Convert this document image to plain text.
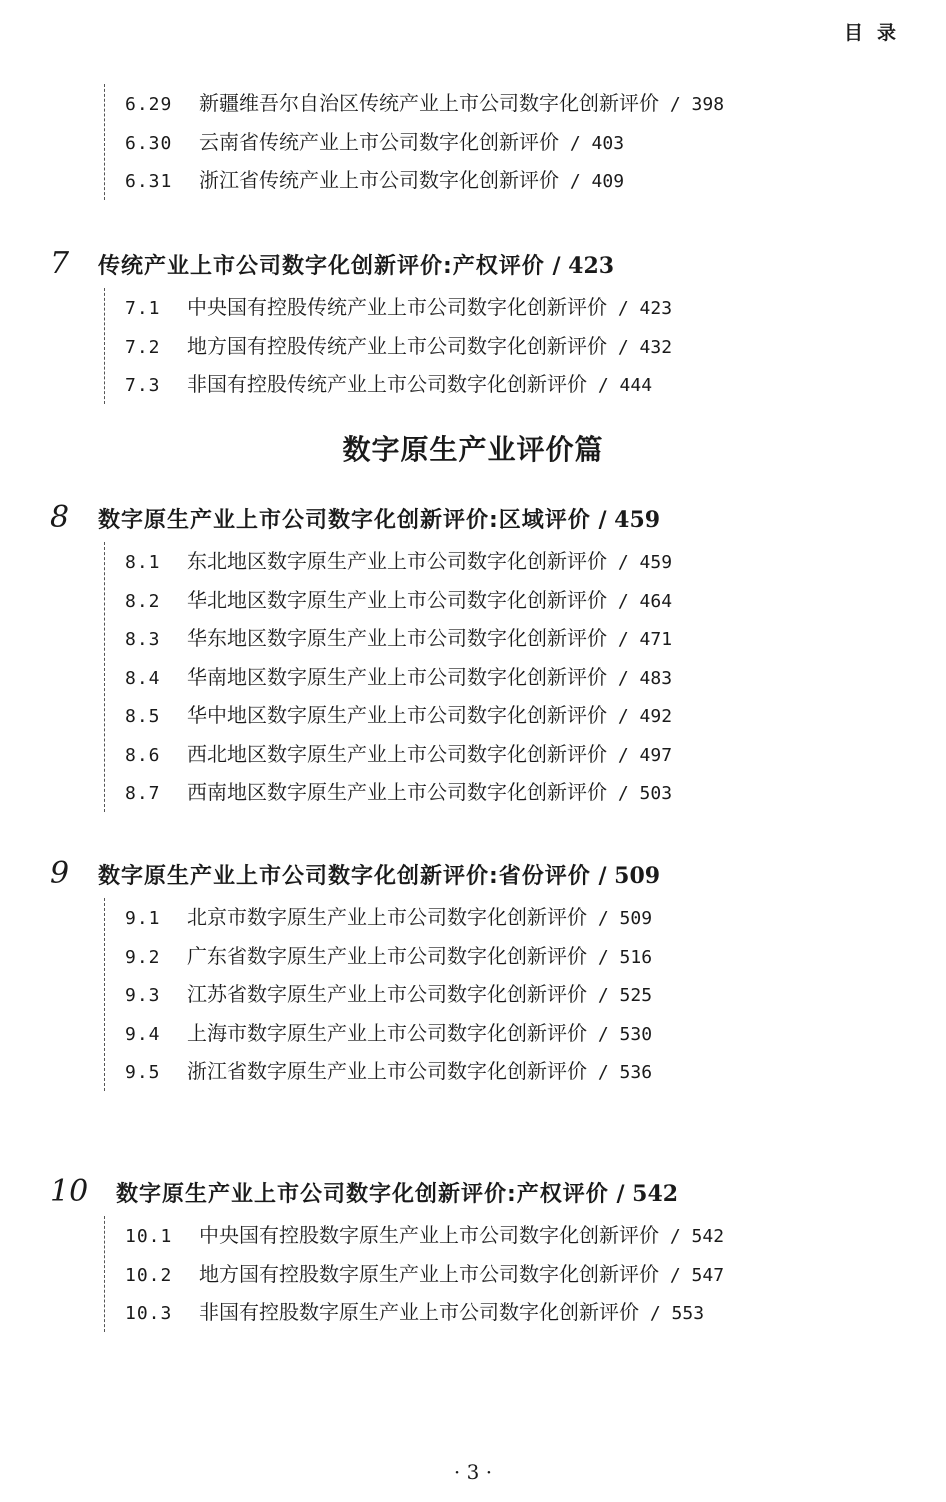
目录
6.29 新疆维吾尔自治区传统产业上市公司数字化创新评价 / 398
6.30 云南省传统产业上市公司数字化创新评价 / 403
6.31 浙江省传统产业上市公司数字化创新评价 / 409
7 传统产业上市公司数字化创新评价:产权评价 / 423
7.1 中央国有控股传统产业上市公司数字化创新评价 / 423
7.2 地方国有控股传统产业上市公司数字化创新评价 / 432
7.3 非国有控股传统产业上市公司数字化创新评价 / 444
数字原生产业评价篇
8 数字原生产业上市公司数字化创新评价:区域评价 / 459
8.1 东北地区数字原生产业上市公司数字化创新评价 / 459
8.2 华北地区数字原生产业上市公司数字化创新评价 / 464
8.3 华东地区数字原生产业上市公司数字化创新评价 / 471
8.4 华南地区数字原生产业上市公司数字化创新评价 / 483
8.5 华中地区数字原生产业上市公司数字化创新评价 / 492
8.6 西北地区数字原生产业上市公司数字化创新评价 / 497
8.7 西南地区数字原生产业上市公司数字化创新评价 / 503
9 数字原生产业上市公司数字化创新评价:省份评价 / 509
9.1 北京市数字原生产业上市公司数字化创新评价 / 509
9.2 广东省数字原生产业上市公司数字化创新评价 / 516
9.3 江苏省数字原生产业上市公司数字化创新评价 / 525
9.4 上海市数字原生产业上市公司数字化创新评价 / 530
9.5 浙江省数字原生产业上市公司数字化创新评价 / 536
10 数字原生产业上市公司数字化创新评价:产权评价 / 542
10.1 中央国有控股数字原生产业上市公司数字化创新评价 / 542
10.2 地方国有控股数字原生产业上市公司数字化创新评价 / 547
10.3 非国有控股数字原生产业上市公司数字化创新评价 / 553
· 3 ·
